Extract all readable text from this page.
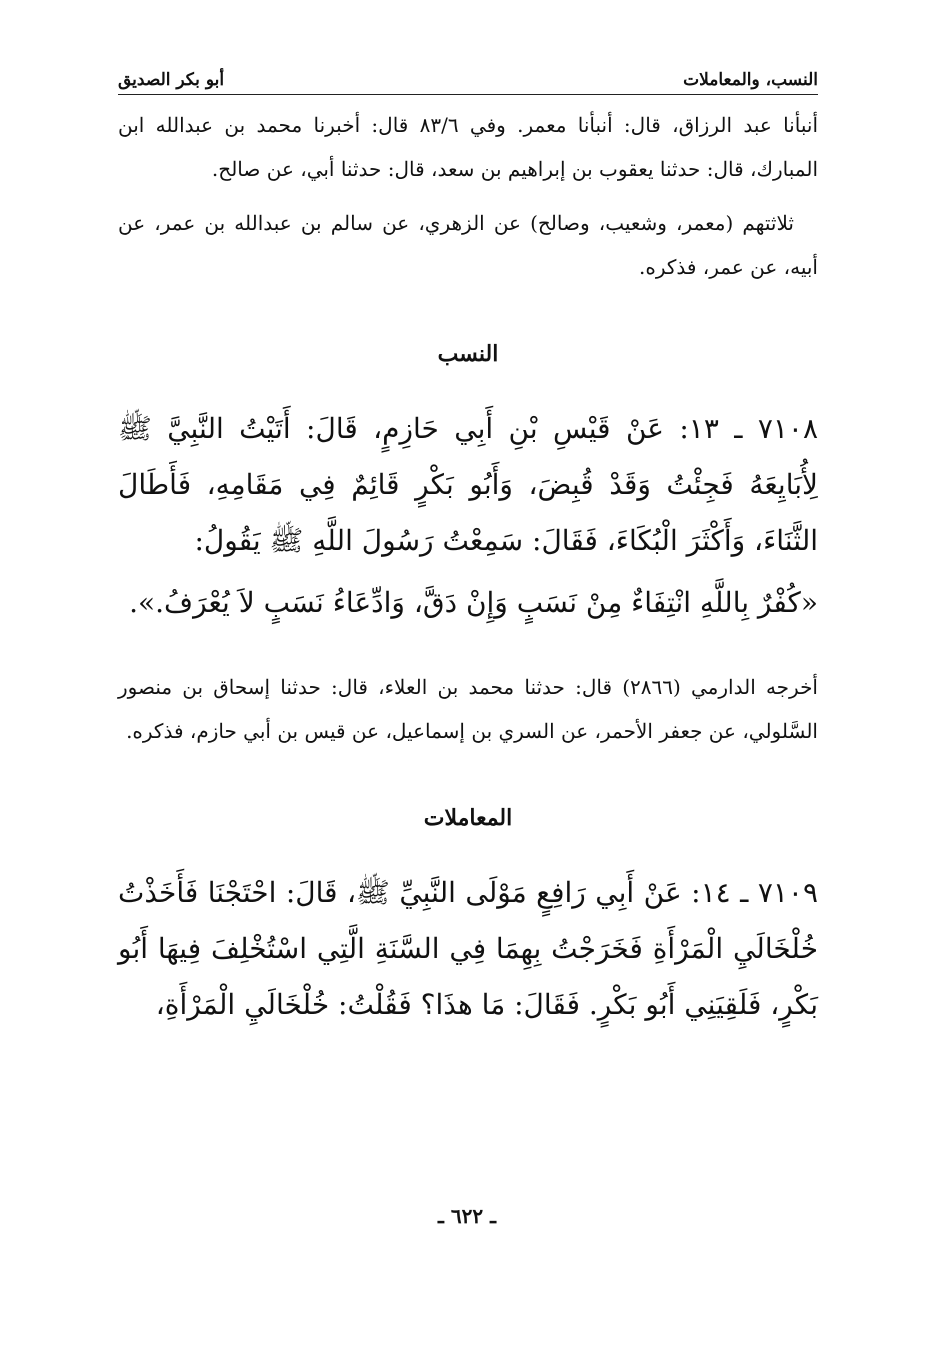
النسب، والمعاملات
أبو بكر الصديق

أنبأنا عبد الرزاق، قال: أنبأنا معمر. وفي ٨٣/٦ قال: أخبرنا محمد بن عبدالله ابن المبارك، قال: حدثنا يعقوب بن إبراهيم بن سعد، قال: حدثنا أبي، عن صالح.

ثلاثتهم (معمر، وشعيب، وصالح) عن الزهري، عن سالم بن عبدالله بن عمر، عن أبيه، عن عمر، فذكره.

النسب

٧١٠٨ ـ ١٣: عَنْ قَيْسِ بْنِ أَبِي حَازِمٍ، قَالَ: أَتَيْتُ النَّبِيَّ ﷺ لِأُبَايِعَهُ فَجِئْتُ وَقَدْ قُبِضَ، وَأَبُو بَكْرٍ قَائِمٌ فِي مَقَامِهِ، فَأَطَالَ الثَّنَاءَ، وَأَكْثَرَ الْبُكَاءَ، فَقَالَ: سَمِعْتُ رَسُولَ اللَّهِ ﷺ يَقُولُ:

«كُفْرٌ بِاللَّهِ انْتِفَاءٌ مِنْ نَسَبٍ وَإِنْ دَقَّ، وَادِّعَاءُ نَسَبٍ لاَ يُعْرَفُ.».

أخرجه الدارمي (٢٨٦٦) قال: حدثنا محمد بن العلاء، قال: حدثنا إسحاق بن منصور السَّلولي، عن جعفر الأحمر، عن السري بن إسماعيل، عن قيس بن أبي حازم، فذكره.

المعاملات

٧١٠٩ ـ ١٤: عَنْ أَبِي رَافِعٍ مَوْلَى النَّبِيِّ ﷺ، قَالَ: احْتَجْنَا فَأَخَذْتُ خُلْخَالَيِ الْمَرْأَةِ فَخَرَجْتُ بِهِمَا فِي السَّنَةِ الَّتِي اسْتُخْلِفَ فِيهَا أَبُو بَكْرٍ، فَلَقِيَنِي أَبُو بَكْرٍ. فَقَالَ: مَا هذَا؟ فَقُلْتُ: خُلْخَالَيِ الْمَرْأَةِ،

ـ ٦٢٢ ـ
